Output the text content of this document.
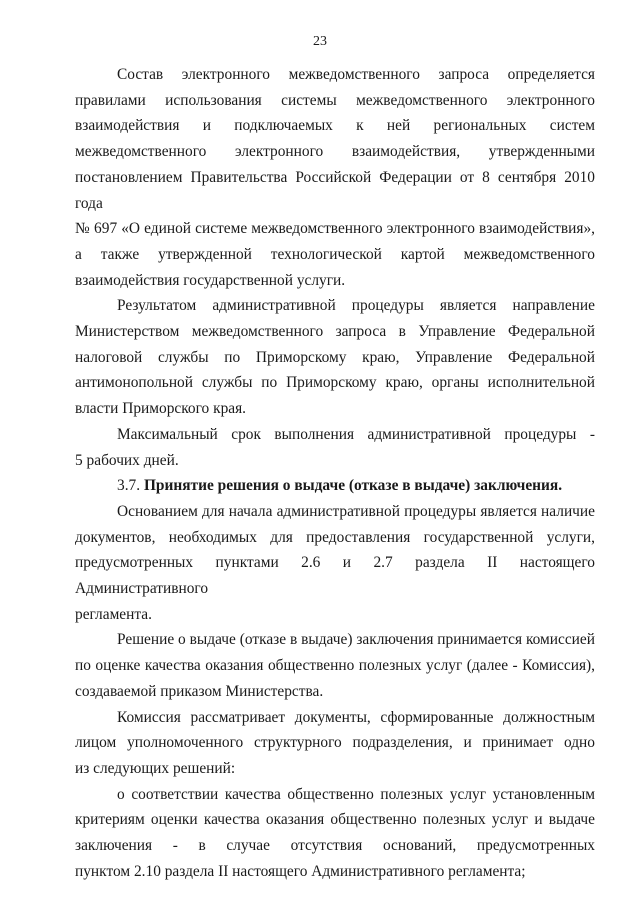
23

Состав электронного межведомственного запроса определяется
правилами использования системы межведомственного электронного
взаимодействия и подключаемых к ней региональных систем
межведомственного электронного взаимодействия, утвержденными
постановлением Правительства Российской Федерации от 8 сентября 2010 года
№ 697 «О единой системе межведомственного электронного взаимодействия»,
а также утвержденной технологической картой межведомственного
взаимодействия государственной услуги.

Результатом административной процедуры является направление
Министерством межведомственного запроса в Управление Федеральной
налоговой службы по Приморскому краю, Управление Федеральной
антимонопольной службы по Приморскому краю, органы исполнительной
власти Приморского края.

Максимальный срок выполнения административной процедуры -
5 рабочих дней.

3.7. Принятие решения о выдаче (отказе в выдаче) заключения.

Основанием для начала административной процедуры является наличие
документов, необходимых для предоставления государственной услуги,
предусмотренных пунктами 2.6 и 2.7 раздела II настоящего Административного
регламента.

Решение о выдаче (отказе в выдаче) заключения принимается комиссией
по оценке качества оказания общественно полезных услуг (далее - Комиссия),
создаваемой приказом Министерства.

Комиссия рассматривает документы, сформированные должностным
лицом уполномоченного структурного подразделения, и принимает одно
из следующих решений:

о соответствии качества общественно полезных услуг установленным
критериям оценки качества оказания общественно полезных услуг и выдаче
заключения - в случае отсутствия оснований, предусмотренных
пунктом 2.10 раздела II настоящего Административного регламента;
